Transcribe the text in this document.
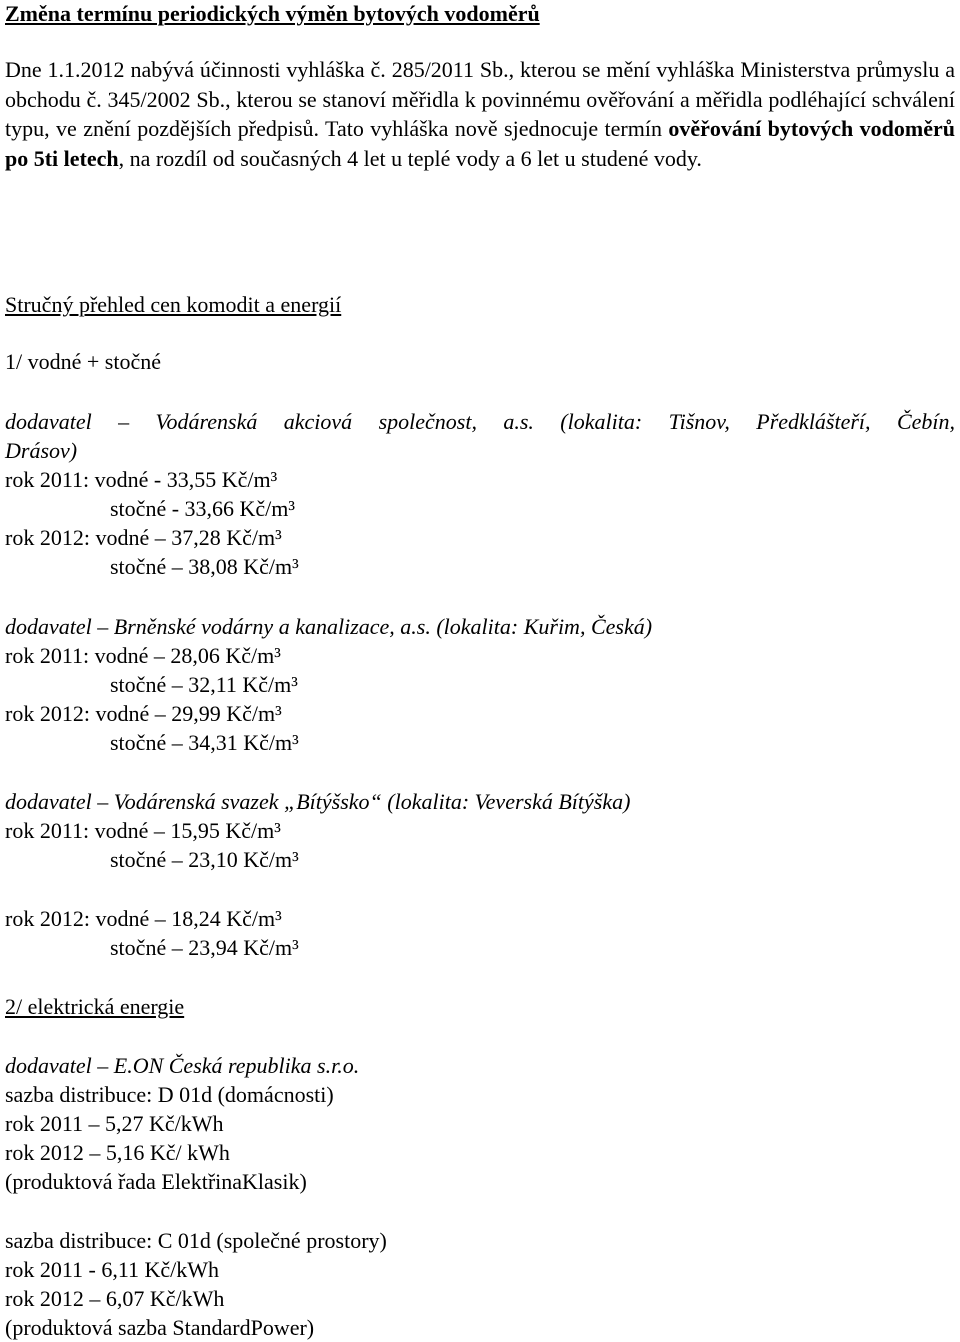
Změna termínu periodických výměn bytových vodoměrů

Dne 1.1.2012 nabývá účinnosti vyhláška č. 285/2011 Sb., kterou se mění vyhláška Ministerstva průmyslu a obchodu č. 345/2002 Sb., kterou se stanoví měřidla k povinnému ověřování a měřidla podléhající schválení typu, ve znění pozdějších předpisů. Tato vyhláška nově sjednocuje termín ověřování bytových vodoměrů po 5ti letech, na rozdíl od současných 4 let u teplé vody a 6 let u studené vody.

Stručný přehled cen komodit a energií
1/ vodné + stočné
dodavatel – Vodárenská akciová společnost, a.s. (lokalita: Tišnov, Předklášteří, Čebín,
Drásov)
rok 2011: vodné - 33,55 Kč/m³
stočné - 33,66 Kč/m³
rok 2012: vodné – 37,28 Kč/m³
stočné – 38,08 Kč/m³
dodavatel – Brněnské vodárny a kanalizace, a.s. (lokalita: Kuřim, Česká)
rok 2011: vodné – 28,06 Kč/m³
stočné – 32,11 Kč/m³
rok 2012: vodné – 29,99 Kč/m³
stočné – 34,31 Kč/m³
dodavatel – Vodárenská svazek „Bítýšsko“ (lokalita: Veverská Bítýška)
rok 2011: vodné – 15,95 Kč/m³
stočné – 23,10 Kč/m³
rok 2012: vodné – 18,24 Kč/m³
stočné – 23,94 Kč/m³
2/ elektrická energie
dodavatel – E.ON Česká republika s.r.o.
sazba distribuce: D 01d (domácnosti)
rok 2011 – 5,27 Kč/kWh
rok 2012 – 5,16 Kč/ kWh
(produktová řada ElektřinaKlasik)
sazba distribuce: C 01d (společné prostory)
rok 2011 - 6,11 Kč/kWh
rok 2012 – 6,07 Kč/kWh
(produktová sazba StandardPower)
